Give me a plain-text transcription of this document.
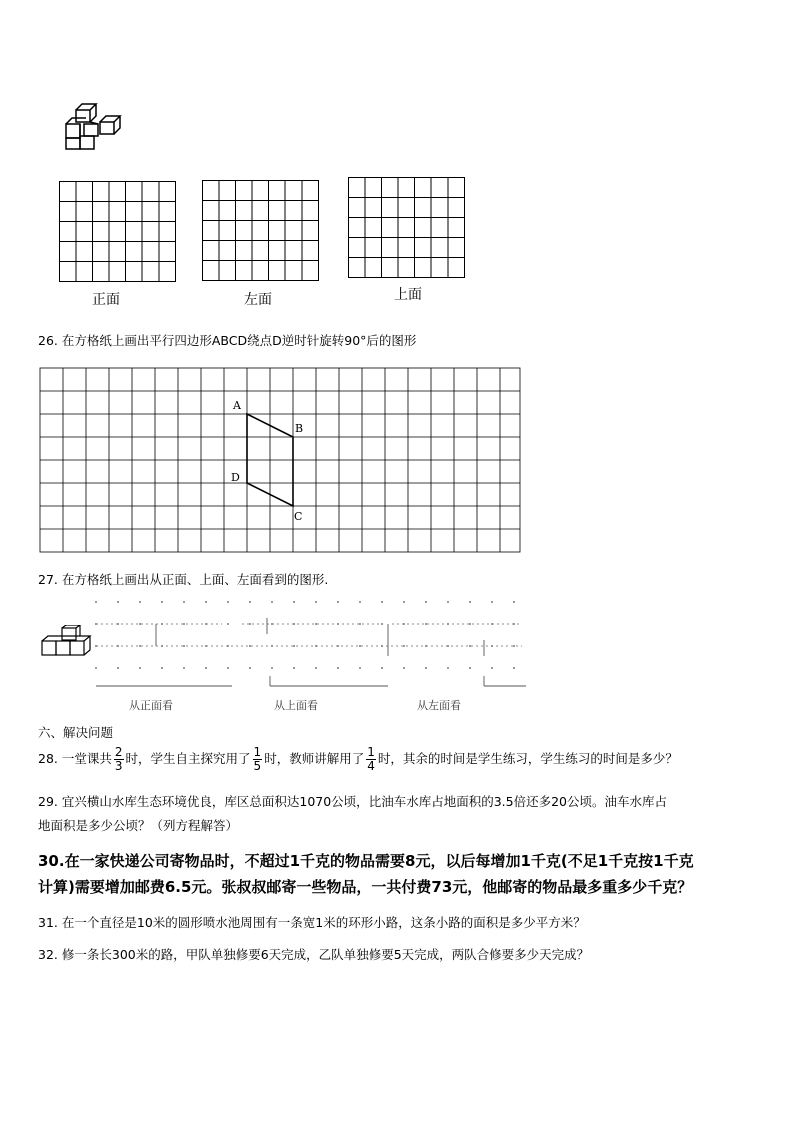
正面	左面	上面
26. 在方格纸上画出平行四边形ABCD绕点D逆时针旋转90°后的图形
A
B
C
D
27. 在方格纸上画出从正面、上面、左面看到的图形.
从正面看	从上面看	从左面看
六、解决问题
28. 一堂课共 $\frac{2}{3}$ 时，学生自主探究用了 $\frac{1}{5}$ 时，教师讲解用了 $\frac{1}{4}$ 时，其余的时间是学生练习，学生练习的时间是多少？
29. 宜兴横山水库生态环境优良，库区总面积达1070公顷，比油车水库占地面积的3.5倍还多20公顷。油车水库占
地面积是多少公顷？（列方程解答）
30.在一家快递公司寄物品时，不超过1千克的物品需要8元，以后每增加1千克(不足1千克按1千克
计算)需要增加邮费6.5元。张叔叔邮寄一些物品，一共付费73元，他邮寄的物品最多重多少千克？
31. 在一个直径是10米的圆形喷水池周围有一条宽1米的环形小路，这条小路的面积是多少平方米？
32. 修一条长300米的路，甲队单独修要6天完成，乙队单独修要5天完成，两队合修要多少天完成？
